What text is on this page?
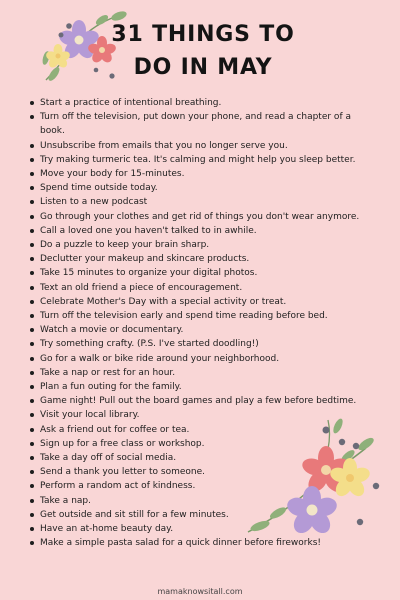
31 THINGS TO
DO IN MAY
Start a practice of intentional breathing.
Turn off the television, put down your phone, and read a chapter of a book.
Unsubscribe from emails that you no longer serve you.
Try making turmeric tea. It's calming and might help you sleep better.
Move your body for 15-minutes.
Spend time outside today.
Listen to a new podcast
Go through your clothes and get rid of things you don't wear anymore.
Call a loved one you haven't talked to in awhile.
Do a puzzle to keep your brain sharp.
Declutter your makeup and skincare products.
Take 15 minutes to organize your digital photos.
Text an old friend a piece of encouragement.
Celebrate Mother's Day with a special activity or treat.
Turn off the television early and spend time reading before bed.
Watch a movie or documentary.
Try something crafty. (P.S. I've started doodling!)
Go for a walk or bike ride around your neighborhood.
Take a nap or rest for an hour.
Plan a fun outing for the family.
Game night! Pull out the board games and play a few before bedtime.
Visit your local library.
Ask a friend out for coffee or tea.
Sign up for a free class or workshop.
Take a day off of social media.
Send a thank you letter to someone.
Perform a random act of kindness.
Take a nap.
Get outside and sit still for a few minutes.
Have an at-home beauty day.
Make a simple pasta salad for a quick dinner before fireworks!
mamaknowsitall.com
